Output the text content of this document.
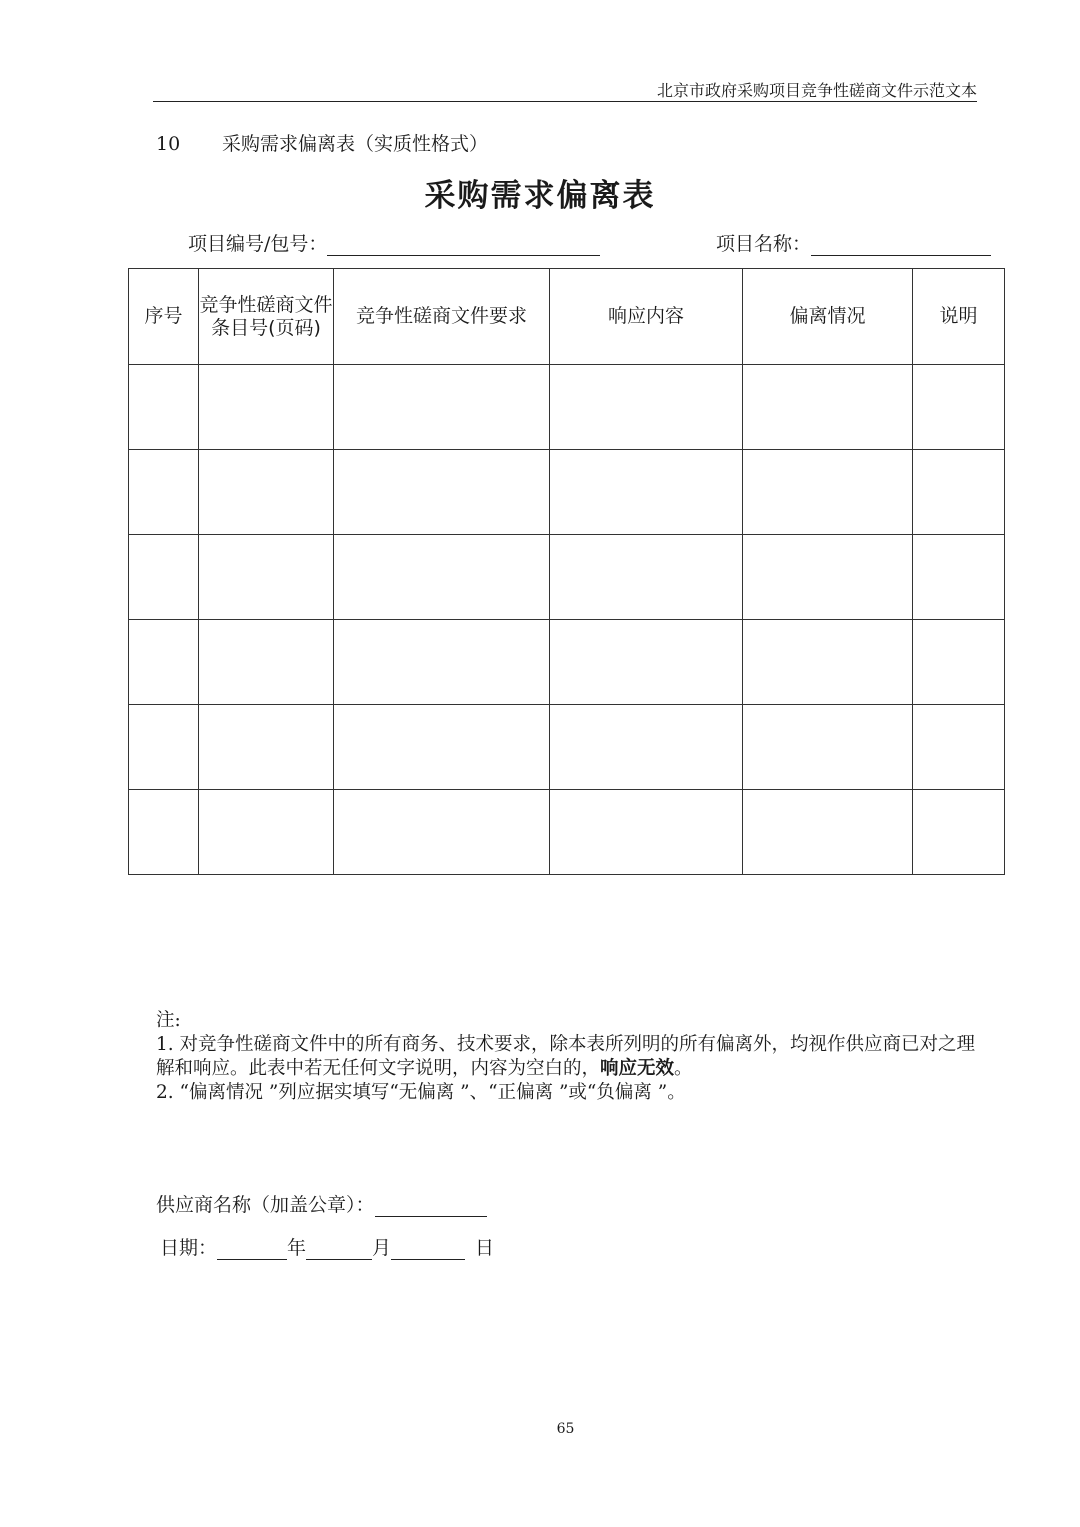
北京市政府采购项目竞争性磋商文件示范文本
10 采购需求偏离表（实质性格式）
采购需求偏离表
项目编号/包号：	项目名称：
序号	竞争性磋商文件条目号(页码)	竞争性磋商文件要求	响应内容	偏离情况	说明

注:
1. 对竞争性磋商文件中的所有商务、技术要求，除本表所列明的所有偏离外，均视作供应商已对之理解和响应。此表中若无任何文字说明，内容为空白的，响应无效。
2. “偏离情况 ”列应据实填写“无偏离 ”、“正偏离 ”或“负偏离 ”。
供应商名称（加盖公章）：
日期：	年	月	日
65
